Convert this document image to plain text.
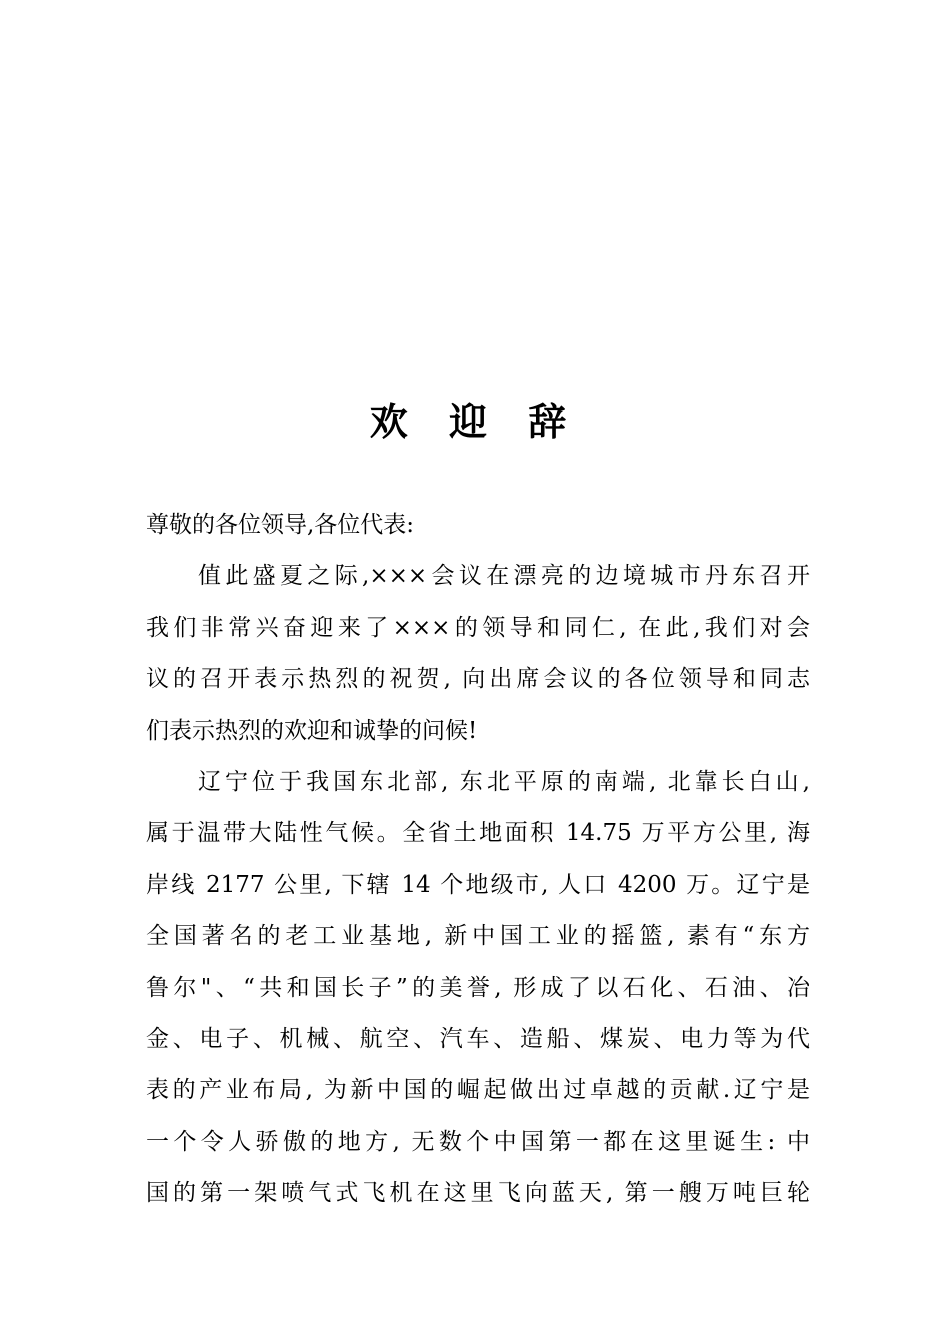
欢 迎 辞
尊敬的各位领导,各位代表:
值此盛夏之际,×××会议在漂亮的边境城市丹东召开
我们非常兴奋迎来了×××的领导和同仁, 在此,我们对会
议的召开表示热烈的祝贺, 向出席会议的各位领导和同志
们表示热烈的欢迎和诚挚的问候!
辽宁位于我国东北部, 东北平原的南端, 北靠长白山,
属于温带大陆性气候。全省土地面积 14.75 万平方公里, 海
岸线 2177 公里, 下辖 14 个地级市, 人口 4200 万。辽宁是
全国著名的老工业基地, 新中国工业的摇篮, 素有“东方
鲁尔"、“共和国长子”的美誉, 形成了以石化、石油、冶
金、电子、机械、航空、汽车、造船、煤炭、电力等为代
表的产业布局, 为新中国的崛起做出过卓越的贡献.辽宁是
一个令人骄傲的地方, 无数个中国第一都在这里诞生: 中
国的第一架喷气式飞机在这里飞向蓝天, 第一艘万吨巨轮
